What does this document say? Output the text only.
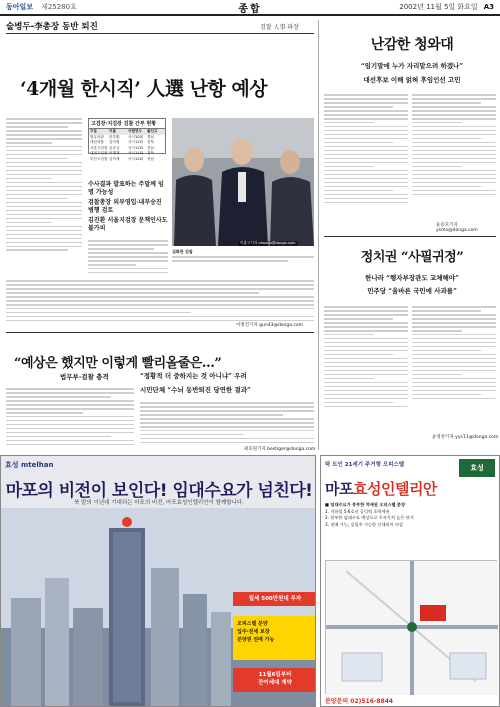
동아일보 제25280호	종합	2002년 11월 5일 화요일 A3
술병두-李총장 동반 퇴진	검찰 人事 파장
‘4개월 한시직’ 人選 난항 예상
고검장·지검장 검찰 간부 현황
구분	이름	사법연수	출신고
법무차관	한부환	사시10회	경남
대검차장	김각영	사시12회	전북
서울고검장 김승규	사시12회	전남
대전고검장 이명재	사시11회	경북
부산고검장 김학재	사시12회	전남
이훈구기자 ohoono@donga.com
심화한 검찰
수사결과 발표하는 주말께 임명 가능성
검찰총장 외부영입·내부승진 병행 검토
김진환 서울지검장 문책인사도 불가피
이명건기자 gun43@donga.com
“예상은 했지만 이렇게 빨리올줄은…”
법무부·검찰 충격	“정황적 더 중하지는 것 아니냐” 우려
시민단체 “수뇌 동반퇴진 당연한 결과”
최호원기자 bestiger@donga.com
난감한 청와대
“임기말에 누가 자리맡으려 하겠나”
대선후보 이해 얽혀 후임인선 고민
윤승모기자 ysmo@donga.com
정치권 “사필귀정”
한나라 “행자부장관도 교체해야”
민주당 “올바른 국민에 사과를”
윤영찬기자 yyc11@donga.com
효성 mtelhan
마포의 비전이 보인다! 임대수요가 넘친다!
북 맡의 이년대 기대되는 마포의 비전, 마포효성인텔리안이 함께합니다.
월세 500만원대 투자
오피스텔 분양
입주·전세 보장
분양권 전매 가능
11월6일부터
잔여세대 계약
탁 트인 21세기 주거형 오피스텔	효성
마포효성인텔리안
■ 임대수요가 풍부한 역세권 오피스텔 분양
1. 지하철 5·6호선 공덕역 초역세권
2. 풍부한 임대수요 예상으로 투자가치 높은 단지
3. 전매 가능, 실입주 가능한 인테리어 마감
분양문의 02)516-8844
